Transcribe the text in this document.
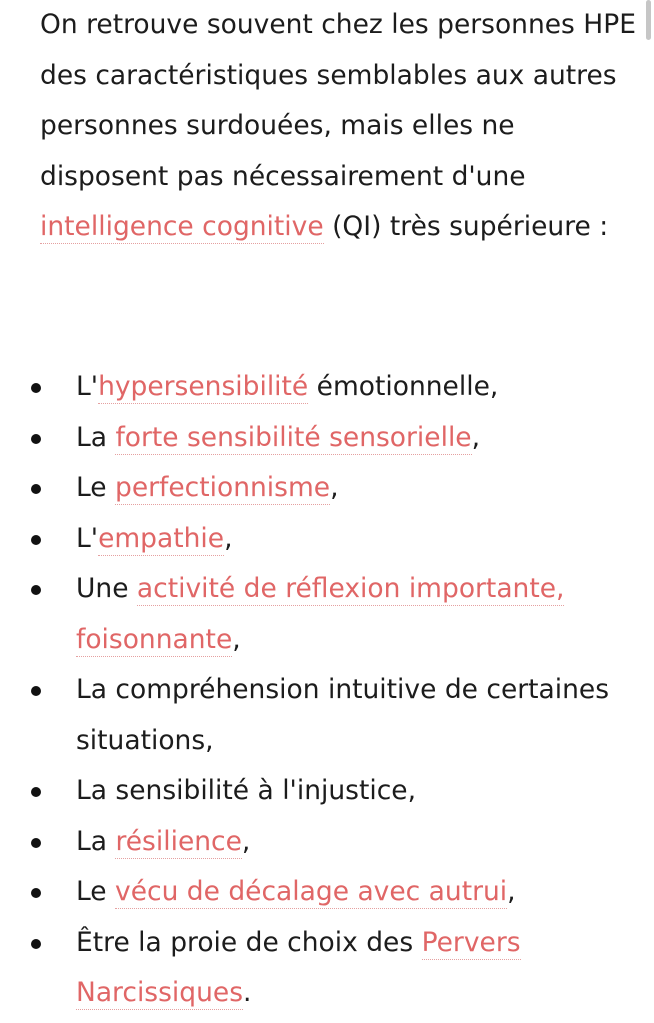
On retrouve souvent chez les personnes HPE des caractéristiques semblables aux autres personnes surdouées, mais elles ne disposent pas nécessairement d'une intelligence cognitive (QI) très supérieure :

L'hypersensibilité émotionnelle,
La forte sensibilité sensorielle,
Le perfectionnisme,
L'empathie,
Une activité de réflexion importante, foisonnante,
La compréhension intuitive de certaines situations,
La sensibilité à l'injustice,
La résilience,
Le vécu de décalage avec autrui,
Être la proie de choix des Pervers Narcissiques.
